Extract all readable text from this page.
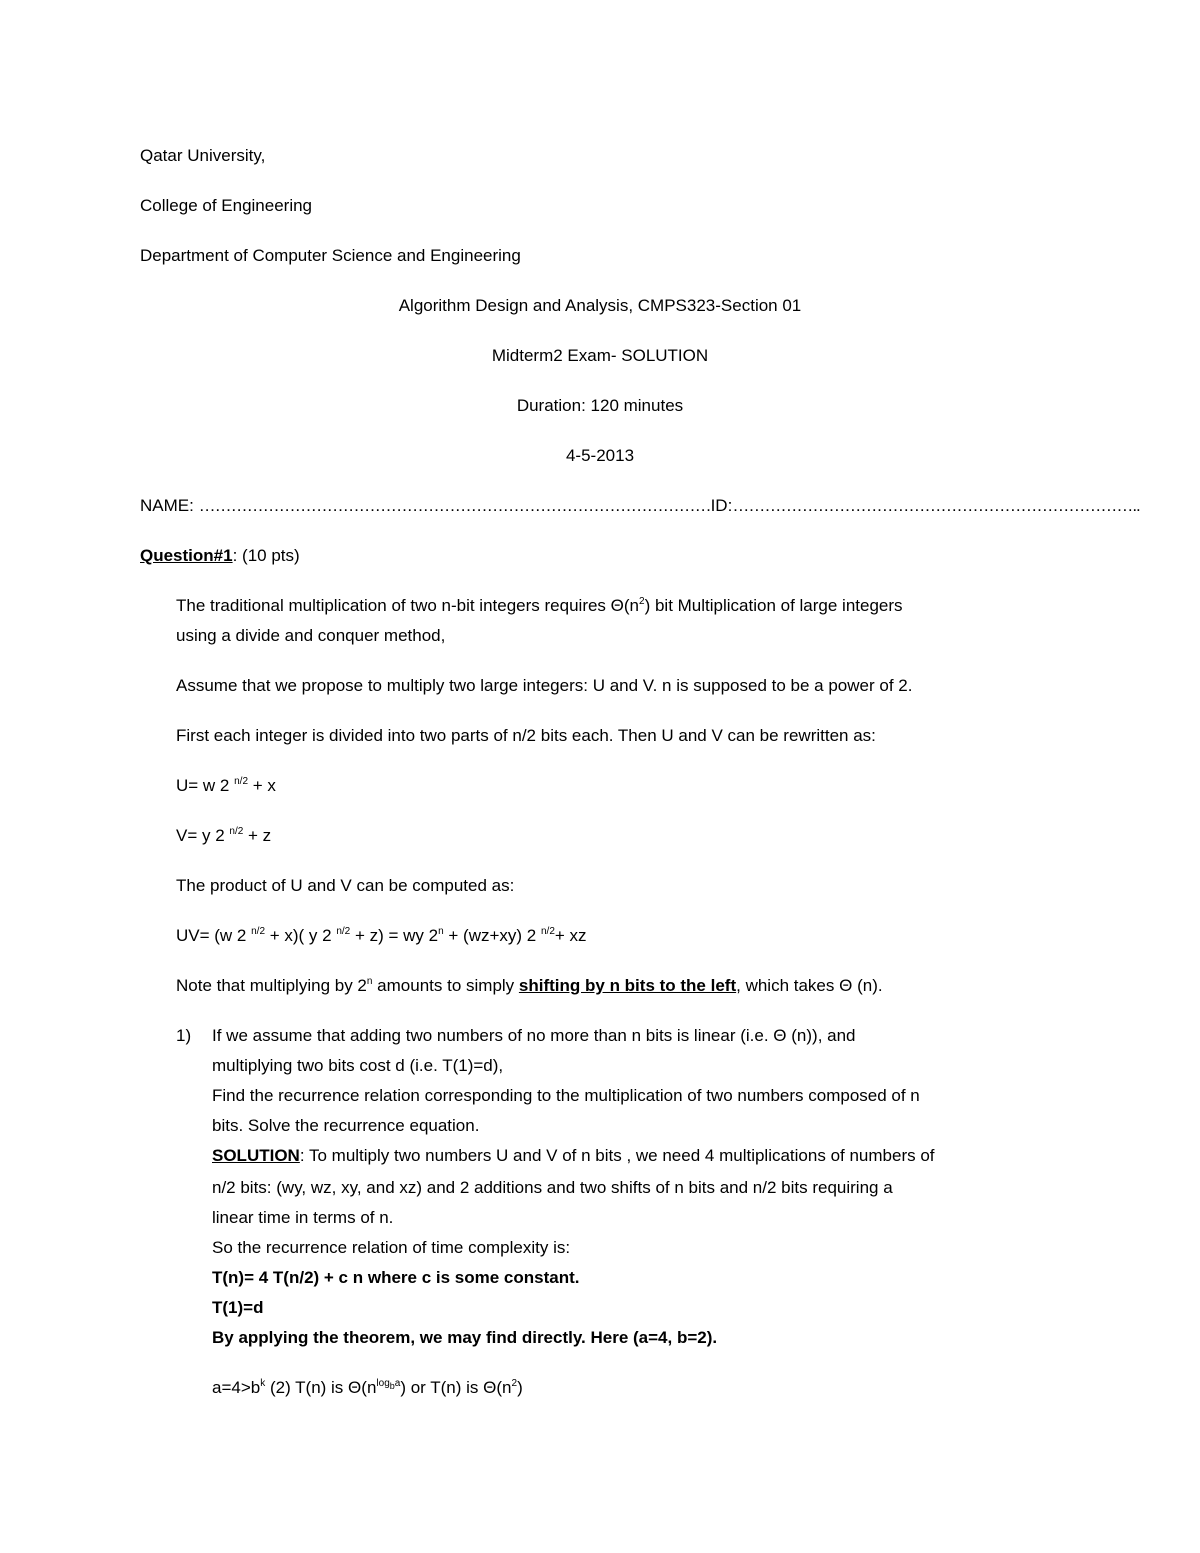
Qatar University,
College of Engineering
Department of Computer Science and Engineering
Algorithm Design and Analysis, CMPS323-Section 01
Midterm2 Exam- SOLUTION
Duration: 120 minutes
4-5-2013
NAME: ……………………………………………………………………………………ID:…………………………………………………………………..
Question#1: (10 pts)
The traditional multiplication of two n-bit integers requires $\Theta(n^2)$ bit Multiplication of large integers
using a divide and conquer method,
Assume that we propose to multiply two large integers: U and V. n is supposed to be a power of 2.
First each integer is divided into two parts of n/2 bits each. Then U and V can be rewritten as:
U= w 2 $^{n/2}$ + x
V= y 2 $^{n/2}$ + z
The product of U and V can be computed as:
UV= (w 2 $^{n/2}$ + x)( y 2 $^{n/2}$ + z) = wy $2^n + (wz+xy)$ 2 $^{n/2}$+ xz
Note that multiplying by 2$^n$ amounts to simply shifting by n bits to the left, which takes Θ (n).
1) If we assume that adding two numbers of no more than n bits is linear (i.e. Θ (n)), and
multiplying two bits cost d (i.e. T(1)=d),
Find the recurrence relation corresponding to the multiplication of two numbers composed of n
bits. Solve the recurrence equation.
SOLUTION: To multiply two numbers U and V of n bits , we need 4 multiplications of numbers of
n/2 bits: (wy, wz, xy, and xz) and 2 additions and two shifts of n bits and n/2 bits requiring a
linear time in terms of n.
So the recurrence relation of time complexity is:
T(n)= 4 T(n/2) + c n where c is some constant.
T(1)=d
By applying the theorem, we may find directly. Here (a=4, b=2).
$a=4>b^k$ (2) T(n) is $\Theta(n^{log_ba})$ or T(n) is $\Theta(n^2)$
